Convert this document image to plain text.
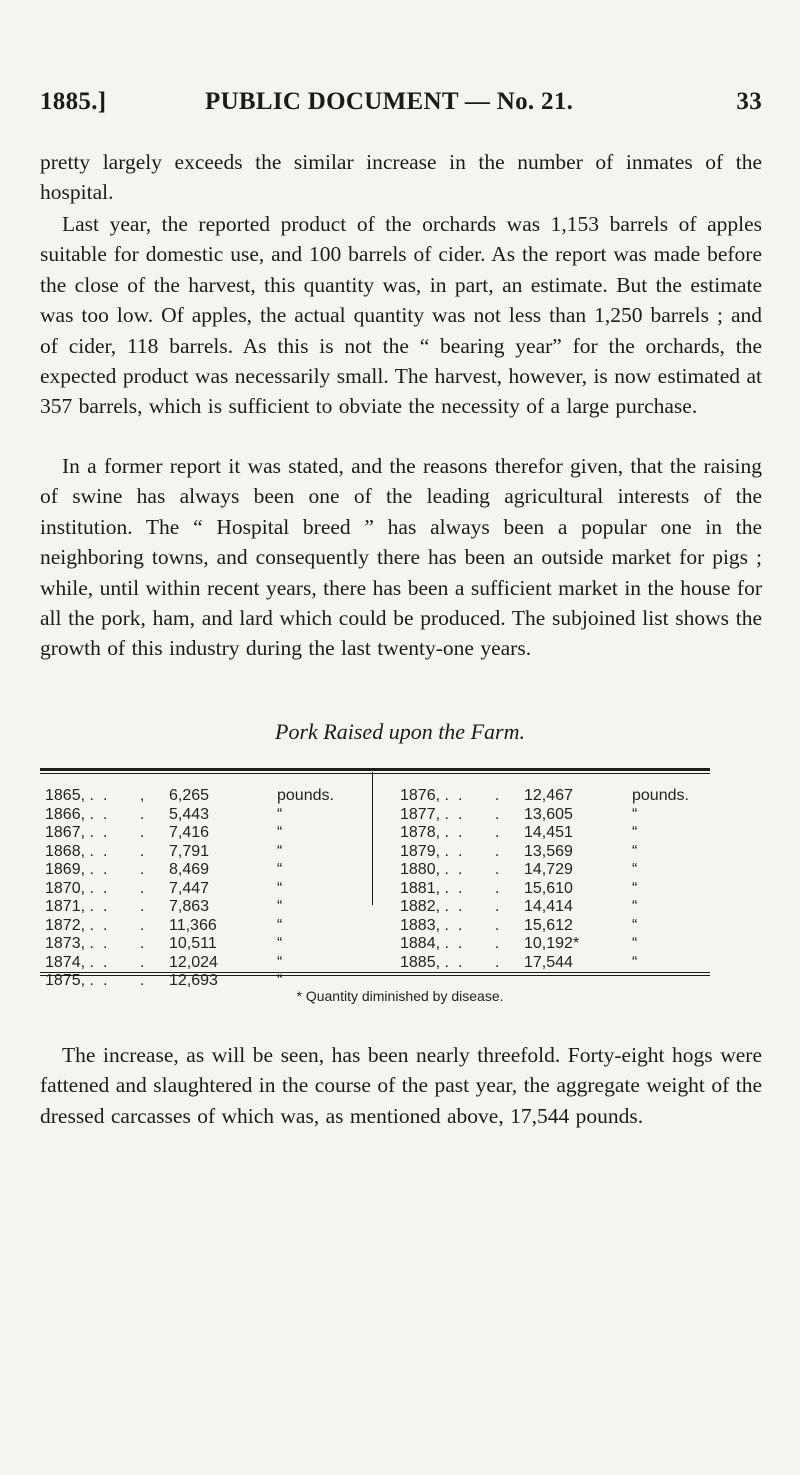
1885.]	PUBLIC DOCUMENT — No. 21.	33

pretty largely exceeds the similar increase in the number of inmates of the hospital.

Last year, the reported product of the orchards was 1,153 barrels of apples suitable for domestic use, and 100 barrels of cider. As the report was made before the close of the harvest, this quantity was, in part, an estimate. But the estimate was too low. Of apples, the actual quantity was not less than 1,250 barrels ; and of cider, 118 barrels. As this is not the “ bearing year” for the orchards, the expected product was necessarily small. The harvest, however, is now estimated at 357 barrels, which is sufficient to obviate the necessity of a large purchase.

In a former report it was stated, and the reasons therefor given, that the raising of swine has always been one of the leading agricultural interests of the institution. The “ Hospital breed ” has always been a popular one in the neighboring towns, and consequently there has been an outside market for pigs ; while, until within recent years, there has been a sufficient market in the house for all the pork, ham, and lard which could be produced. The subjoined list shows the growth of this industry during the last twenty-one years.

Pork Raised upon the Farm.
1865, . . , 6,265	pounds.
1866, . . . 5,443	“
1867, . . . 7,416	“
1868, . . . 7,791	“
1869, . . . 8,469	“
1870, . . . 7,447	“
1871, . . . 7,863	“
1872, . . . 11,366	“
1873, . . . 10,511	“
1874, . . . 12,024	“
1875, . . . 12,693	“
1876, . . . 12,467	pounds.
1877, . . . 13,605	“
1878, . . . 14,451	“
1879, . . . 13,569	“
1880, . . . 14,729	“
1881, . . . 15,610	“
1882, . . . 14,414	“
1883, . . . 15,612	“
1884, . . . 10,192*	“
1885, . . . 17,544	“
* Quantity diminished by disease.

The increase, as will be seen, has been nearly threefold. Forty-eight hogs were fattened and slaughtered in the course of the past year, the aggregate weight of the dressed carcasses of which was, as mentioned above, 17,544 pounds.
